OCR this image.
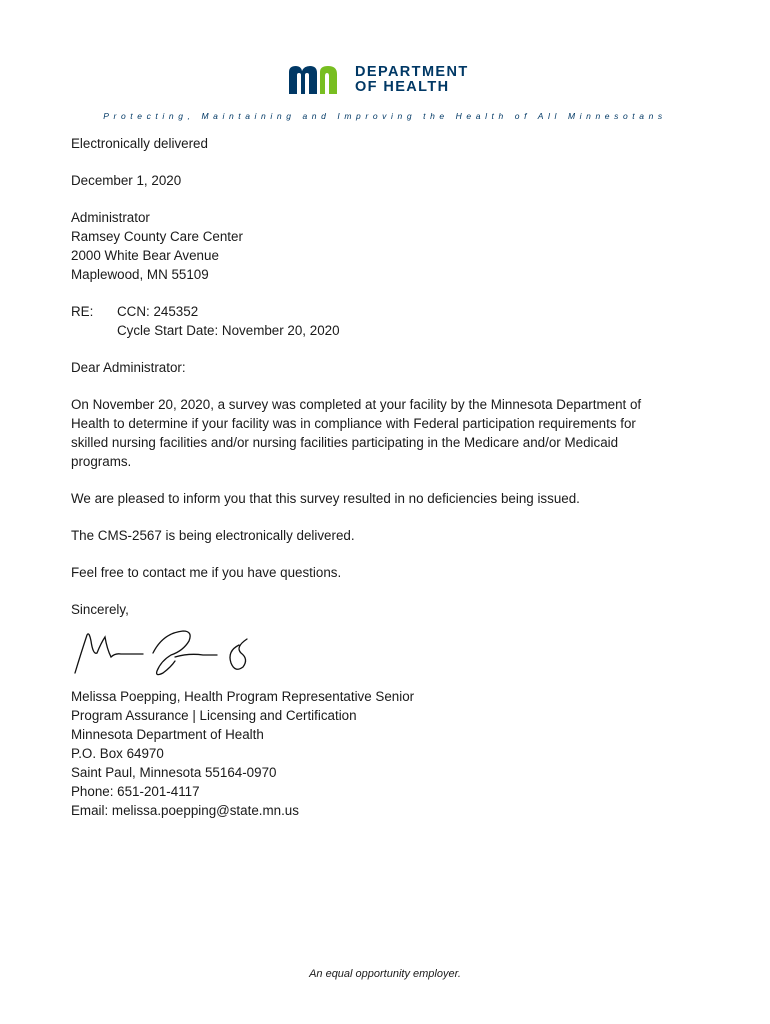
DEPARTMENT
OF HEALTH
Protecting, Maintaining and Improving the Health of All Minnesotans

Electronically delivered

December 1, 2020

Administrator
Ramsey County Care Center
2000 White Bear Avenue
Maplewood, MN 55109

RE:	CCN: 245352
Cycle Start Date: November 20, 2020

Dear Administrator:

On November 20, 2020, a survey was completed at your facility by the Minnesota Department of Health to determine if your facility was in compliance with Federal participation requirements for skilled nursing facilities and/or nursing facilities participating in the Medicare and/or Medicaid programs.

We are pleased to inform you that this survey resulted in no deficiencies being issued.

The CMS-2567 is being electronically delivered.

Feel free to contact me if you have questions.

Sincerely,

Melissa Poepping, Health Program Representative Senior
Program Assurance | Licensing and Certification
Minnesota Department of Health
P.O. Box 64970
Saint Paul, Minnesota 55164-0970
Phone: 651-201-4117
Email: melissa.poepping@state.mn.us

An equal opportunity employer.
